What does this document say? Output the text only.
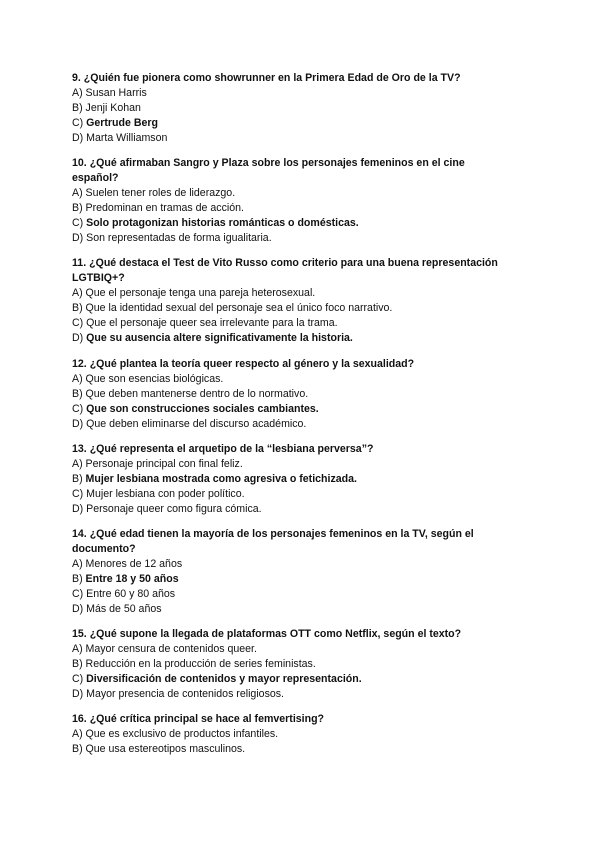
9. ¿Quién fue pionera como showrunner en la Primera Edad de Oro de la TV?

A) Susan Harris

B) Jenji Kohan

C) Gertrude Berg

D) Marta Williamson

10. ¿Qué afirmaban Sangro y Plaza sobre los personajes femeninos en el cine español?

A) Suelen tener roles de liderazgo.

B) Predominan en tramas de acción.

C) Solo protagonizan historias románticas o domésticas.

D) Son representadas de forma igualitaria.

11. ¿Qué destaca el Test de Vito Russo como criterio para una buena representación LGTBIQ+?

A) Que el personaje tenga una pareja heterosexual.

B) Que la identidad sexual del personaje sea el único foco narrativo.

C) Que el personaje queer sea irrelevante para la trama.

D) Que su ausencia altere significativamente la historia.

12. ¿Qué plantea la teoría queer respecto al género y la sexualidad?

A) Que son esencias biológicas.

B) Que deben mantenerse dentro de lo normativo.

C) Que son construcciones sociales cambiantes.

D) Que deben eliminarse del discurso académico.

13. ¿Qué representa el arquetipo de la “lesbiana perversa”?

A) Personaje principal con final feliz.

B) Mujer lesbiana mostrada como agresiva o fetichizada.

C) Mujer lesbiana con poder político.

D) Personaje queer como figura cómica.

14. ¿Qué edad tienen la mayoría de los personajes femeninos en la TV, según el documento?

A) Menores de 12 años

B) Entre 18 y 50 años

C) Entre 60 y 80 años

D) Más de 50 años

15. ¿Qué supone la llegada de plataformas OTT como Netflix, según el texto?

A) Mayor censura de contenidos queer.

B) Reducción en la producción de series feministas.

C) Diversificación de contenidos y mayor representación.

D) Mayor presencia de contenidos religiosos.

16. ¿Qué crítica principal se hace al femvertising?

A) Que es exclusivo de productos infantiles.

B) Que usa estereotipos masculinos.
